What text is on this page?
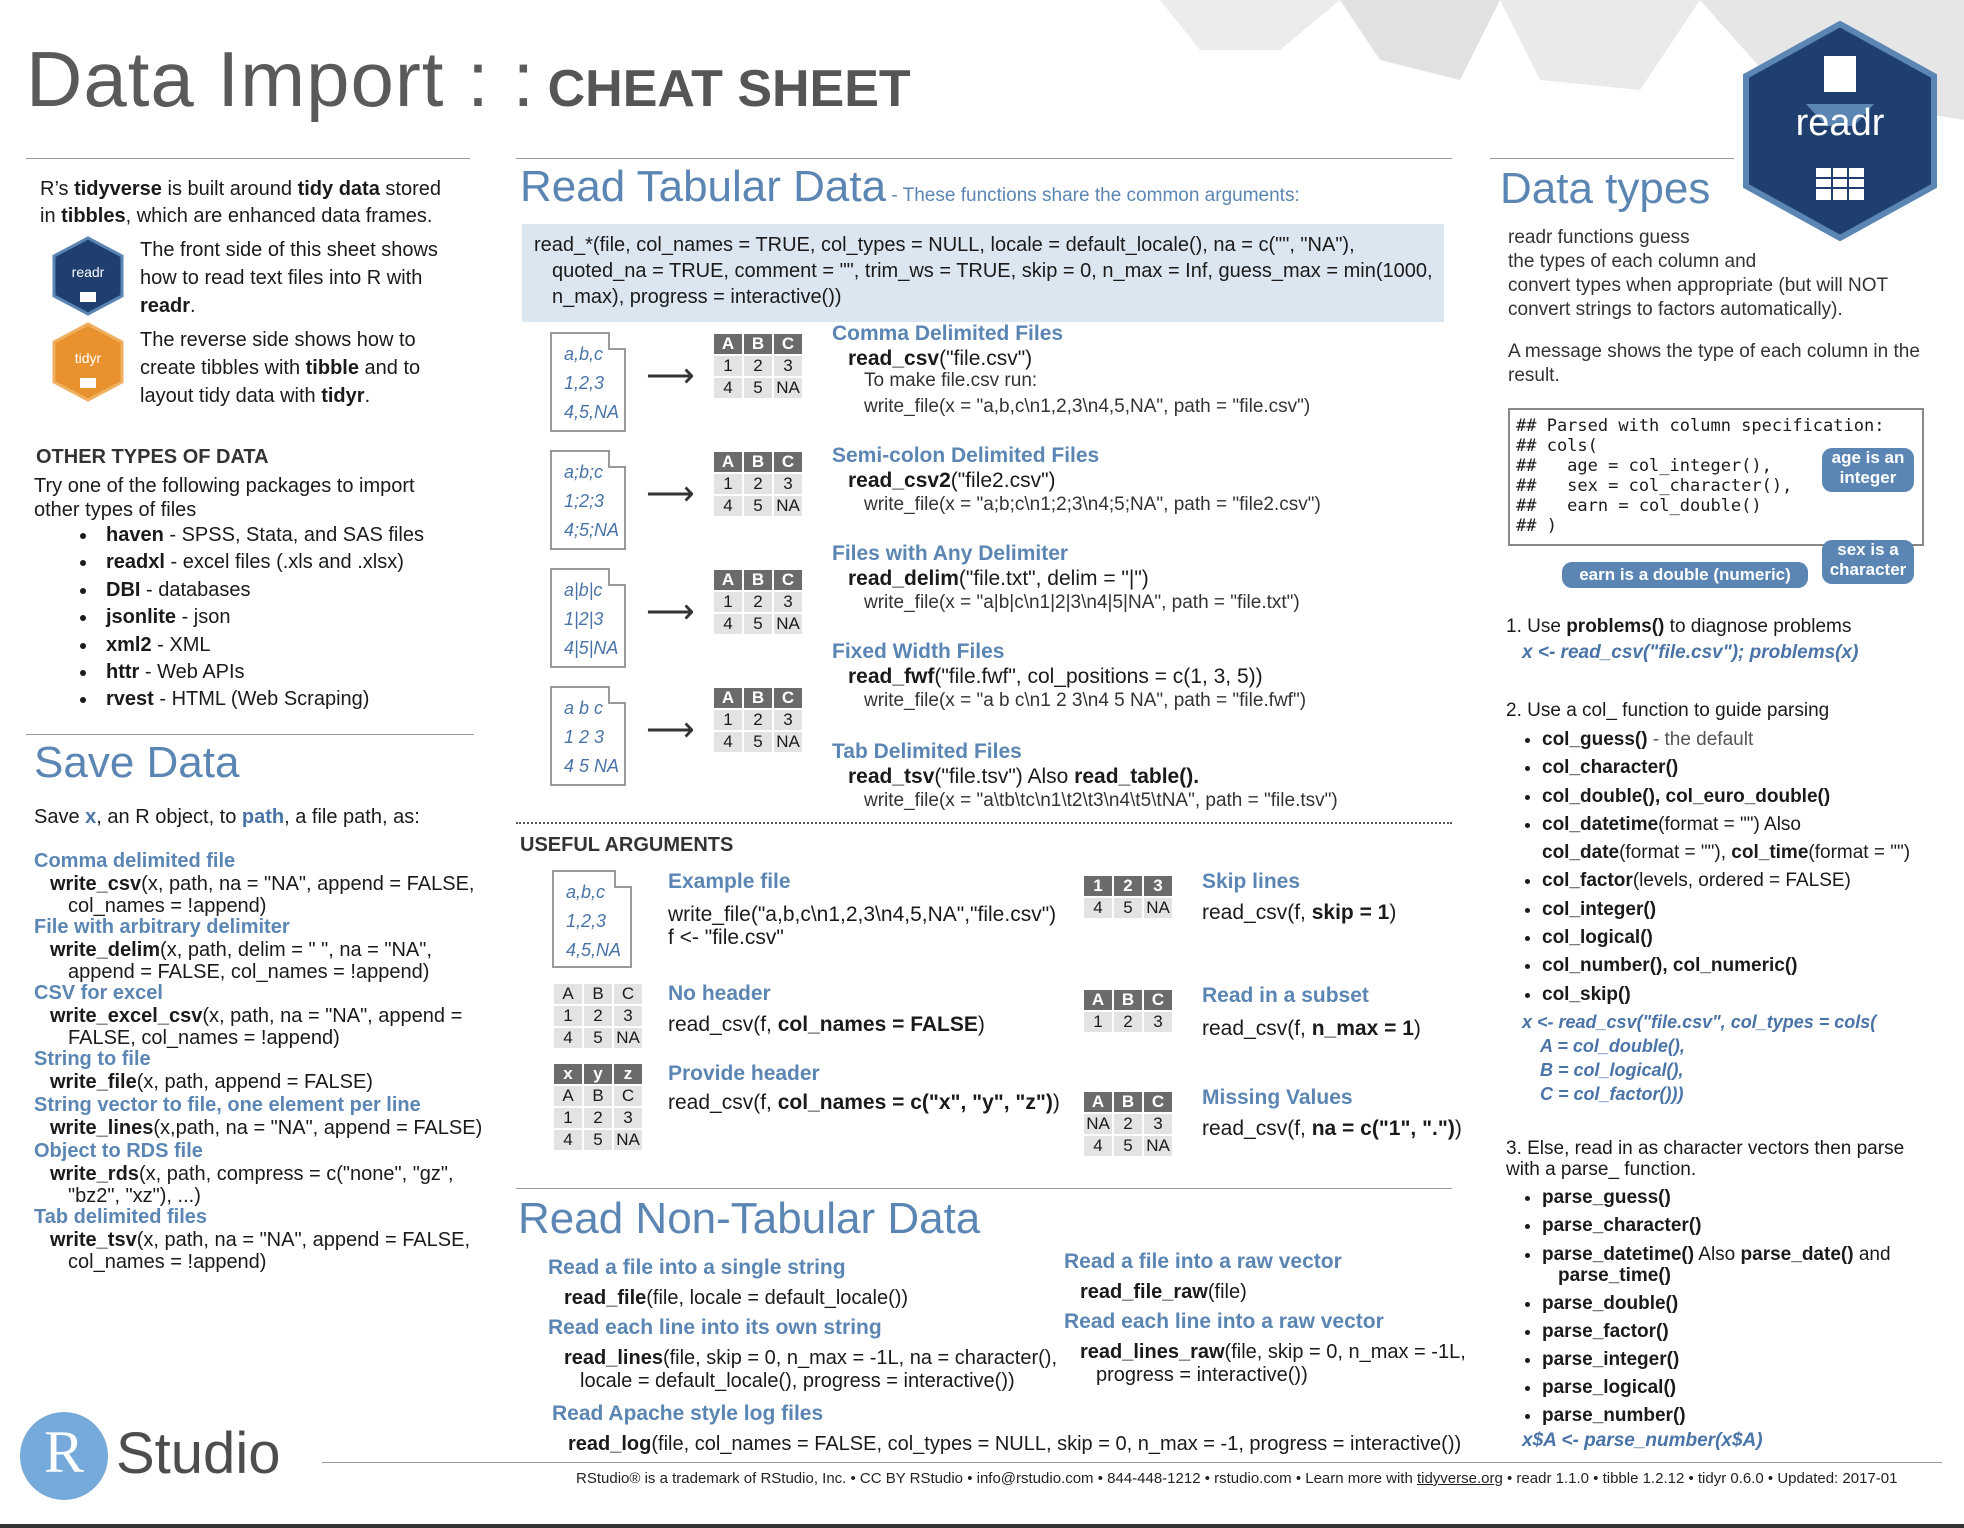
Data Import : : CHEAT SHEET
readr
R’s tidyverse is built around tidy data stored in tibbles, which are enhanced data frames.
readr
The front side of this sheet shows how to read text files into R with readr.
tidyr
The reverse side shows how to create tibbles with tibble and to layout tidy data with tidyr.
OTHER TYPES OF DATA
Try one of the following packages to import other types of files
• haven - SPSS, Stata, and SAS files
• readxl - excel files (.xls and .xlsx)
• DBI - databases
• jsonlite - json
• xml2 - XML
• httr - Web APIs
• rvest - HTML (Web Scraping)
Save Data
Save x, an R object, to path, a file path, as:
Comma delimited file
write_csv(x, path, na = "NA", append = FALSE,
col_names = !append)
File with arbitrary delimiter
write_delim(x, path, delim = " ", na = "NA",
append = FALSE, col_names = !append)
CSV for excel
write_excel_csv(x, path, na = "NA", append =
FALSE, col_names = !append)
String to file
write_file(x, path, append = FALSE)
String vector to file, one element per line
write_lines(x,path, na = "NA", append = FALSE)
Object to RDS file
write_rds(x, path, compress = c("none", "gz",
"bz2", "xz"), ...)
Tab delimited files
write_tsv(x, path, na = "NA", append = FALSE,
col_names = !append)
R Studio
Read Tabular Data - These functions share the common arguments:
read_*(file, col_names = TRUE, col_types = NULL, locale = default_locale(), na = c("", "NA"),
quoted_na = TRUE, comment = "", trim_ws = TRUE, skip = 0, n_max = Inf, guess_max = min(1000,
n_max), progress = interactive())
a,b,c
1,2,3
4,5,NA
⟶
A	B	C
1	2	3
4	5	NA
Comma Delimited Files
read_csv("file.csv")
To make file.csv run:
write_file(x = "a,b,c\n1,2,3\n4,5,NA", path = "file.csv")
a;b;c
1;2;3
4;5;NA
⟶
A	B	C
1	2	3
4	5	NA
Semi-colon Delimited Files
read_csv2("file2.csv")
write_file(x = "a;b;c\n1;2;3\n4;5;NA", path = "file2.csv")
a|b|c
1|2|3
4|5|NA
⟶
A	B	C
1	2	3
4	5	NA
Files with Any Delimiter
read_delim("file.txt", delim = "|")
write_file(x = "a|b|c\n1|2|3\n4|5|NA", path = "file.txt")
a b c
1 2 3
4 5 NA
⟶
A	B	C
1	2	3
4	5	NA
Fixed Width Files
read_fwf("file.fwf", col_positions = c(1, 3, 5))
write_file(x = "a b c\n1 2 3\n4 5 NA", path = "file.fwf")
Tab Delimited Files
read_tsv("file.tsv") Also read_table().
write_file(x = "a\tb\tc\n1\t2\t3\n4\t5\tNA", path = "file.tsv")
USEFUL ARGUMENTS
a,b,c
1,2,3
4,5,NA
Example file
write_file("a,b,c\n1,2,3\n4,5,NA","file.csv")
f <- "file.csv"
A	B	C
1	2	3
4	5	NA
No header
read_csv(f, col_names = FALSE)
x	y	z
A	B	C
1	2	3
4	5	NA
Provide header
read_csv(f, col_names = c("x", "y", "z"))
1	2	3
4	5	NA
Skip lines
read_csv(f, skip = 1)
A	B	C
1	2	3
Read in a subset
read_csv(f, n_max = 1)
A	B	C
NA	2	3
4	5	NA
Missing Values
read_csv(f, na = c("1", "."))
Read Non-Tabular Data
Read a file into a single string
read_file(file, locale = default_locale())
Read each line into its own string
read_lines(file, skip = 0, n_max = -1L, na = character(),
locale = default_locale(), progress = interactive())
Read Apache style log files
read_log(file, col_names = FALSE, col_types = NULL, skip = 0, n_max = -1, progress = interactive())
Read a file into a raw vector
read_file_raw(file)
Read each line into a raw vector
read_lines_raw(file, skip = 0, n_max = -1L,
progress = interactive())
Data types
readr functions guess
the types of each column and
convert types when appropriate (but will NOT
convert strings to factors automatically).
A message shows the type of each column in the result.
## Parsed with column specification:
## cols(
##   age = col_integer(),
##   sex = col_character(),
##   earn = col_double()
## )
age is an integer
sex is a character
earn is a double (numeric)
1. Use problems() to diagnose problems
x <- read_csv("file.csv"); problems(x)
2. Use a col_ function to guide parsing
• col_guess() - the default
• col_character()
• col_double(), col_euro_double()
• col_datetime(format = "") Also
col_date(format = ""), col_time(format = "")
• col_factor(levels, ordered = FALSE)
• col_integer()
• col_logical()
• col_number(), col_numeric()
• col_skip()
x <- read_csv("file.csv", col_types = cols(
A = col_double(),
B = col_logical(),
C = col_factor()))
3. Else, read in as character vectors then parse with a parse_ function.
• parse_guess()
• parse_character()
• parse_datetime() Also parse_date() and
parse_time()
• parse_double()
• parse_factor()
• parse_integer()
• parse_logical()
• parse_number()
x$A <- parse_number(x$A)
RStudio® is a trademark of RStudio, Inc. • CC BY RStudio • info@rstudio.com • 844-448-1212 • rstudio.com • Learn more with tidyverse.org • readr 1.1.0 • tibble 1.2.12 • tidyr 0.6.0 • Updated: 2017-01
